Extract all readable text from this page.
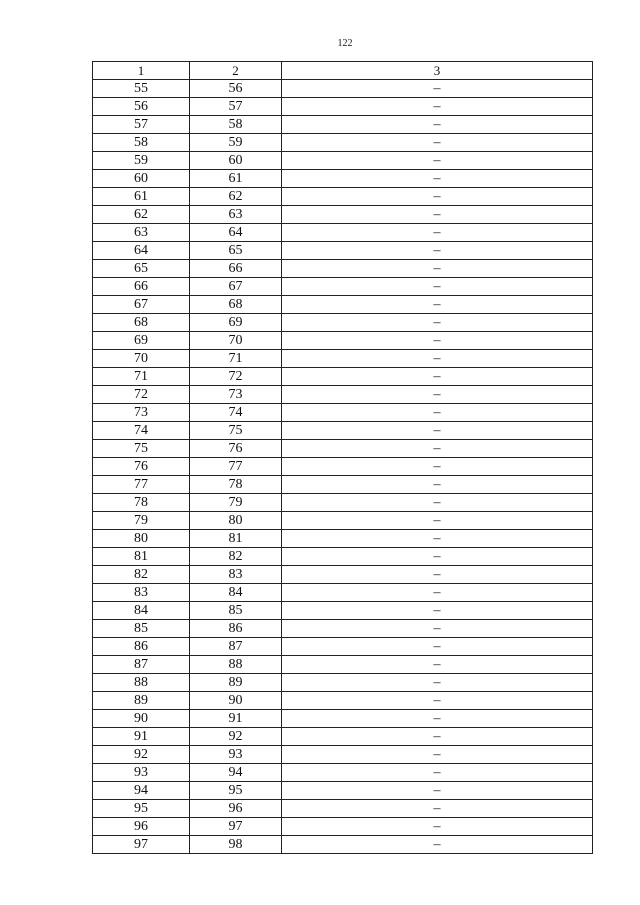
122
1	2	3
55	56	–
56	57	–
57	58	–
58	59	–
59	60	–
60	61	–
61	62	–
62	63	–
63	64	–
64	65	–
65	66	–
66	67	–
67	68	–
68	69	–
69	70	–
70	71	–
71	72	–
72	73	–
73	74	–
74	75	–
75	76	–
76	77	–
77	78	–
78	79	–
79	80	–
80	81	–
81	82	–
82	83	–
83	84	–
84	85	–
85	86	–
86	87	–
87	88	–
88	89	–
89	90	–
90	91	–
91	92	–
92	93	–
93	94	–
94	95	–
95	96	–
96	97	–
97	98	–
